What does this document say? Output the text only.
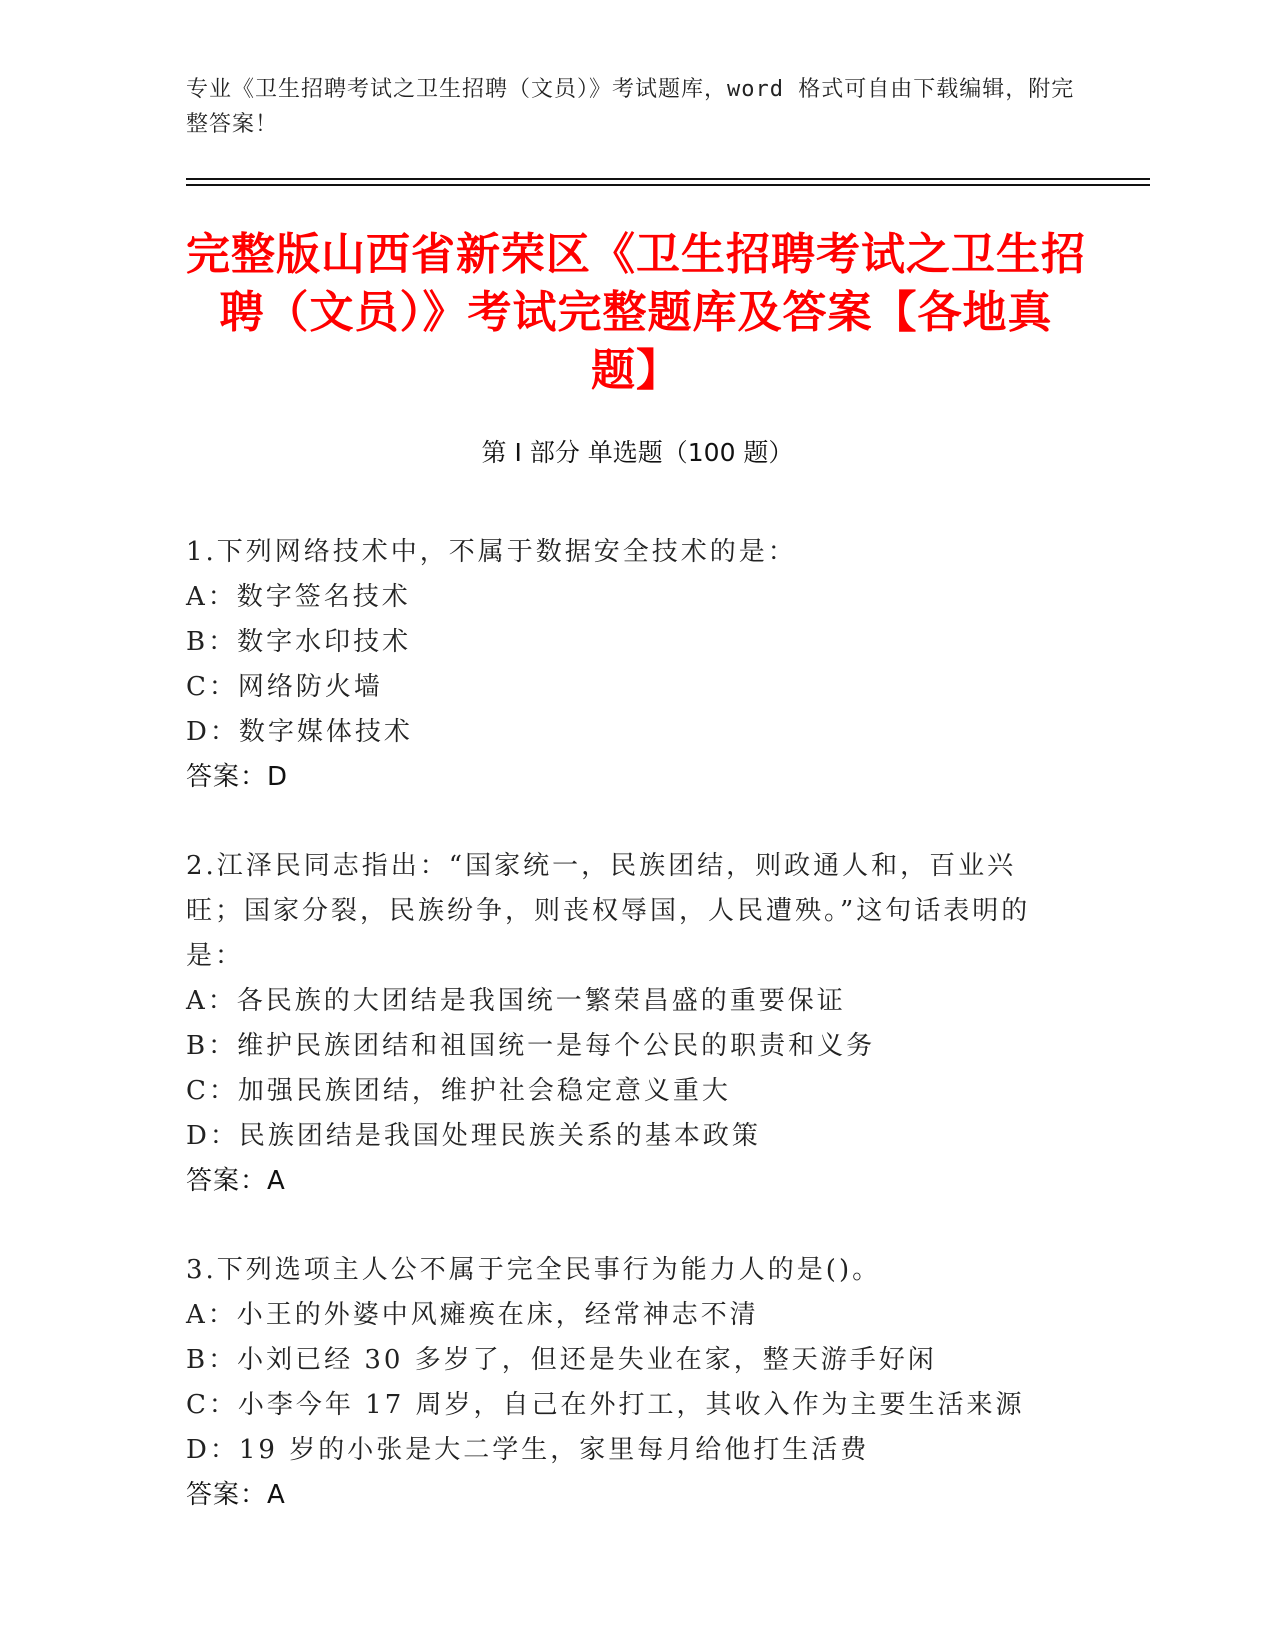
专业《卫生招聘考试之卫生招聘（文员）》考试题库，word 格式可自由下载编辑，附完整答案！
完整版山西省新荣区《卫生招聘考试之卫生招聘（文员）》考试完整题库及答案【各地真题】
第 I 部分 单选题（100 题）
1.下列网络技术中，不属于数据安全技术的是：
A：数字签名技术
B：数字水印技术
C：网络防火墙
D：数字媒体技术
答案：D
2.江泽民同志指出：“国家统一，民族团结，则政通人和，百业兴旺；国家分裂，民族纷争，则丧权辱国，人民遭殃。”这句话表明的是：
A：各民族的大团结是我国统一繁荣昌盛的重要保证
B：维护民族团结和祖国统一是每个公民的职责和义务
C：加强民族团结，维护社会稳定意义重大
D：民族团结是我国处理民族关系的基本政策
答案：A
3.下列选项主人公不属于完全民事行为能力人的是()。
A：小王的外婆中风瘫痪在床，经常神志不清
B：小刘已经 30 多岁了，但还是失业在家，整天游手好闲
C：小李今年 17 周岁，自己在外打工，其收入作为主要生活来源
D：19 岁的小张是大二学生，家里每月给他打生活费
答案：A
